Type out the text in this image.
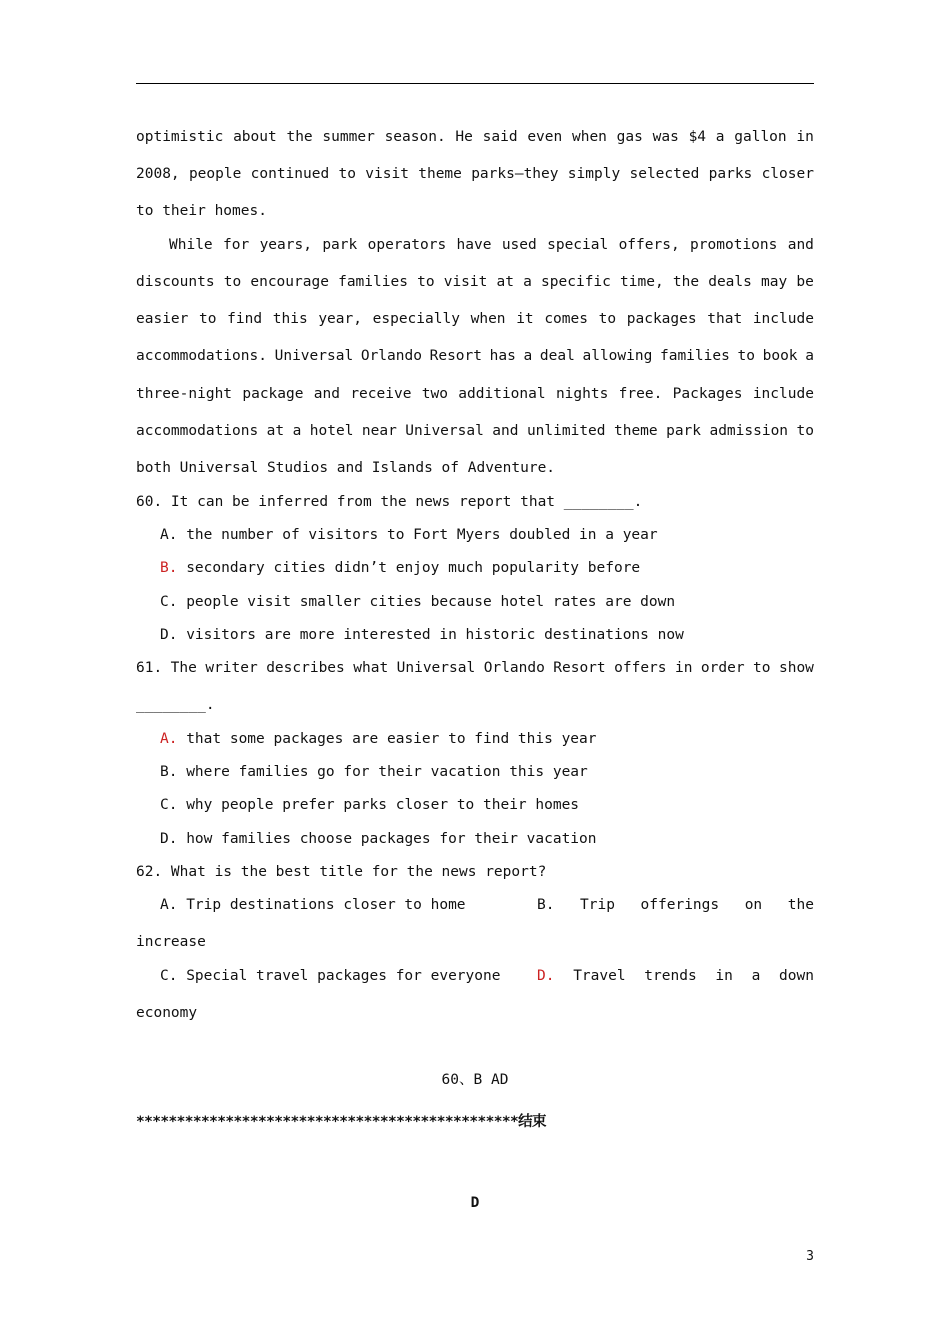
optimistic about the summer season. He said even when gas was $4 a gallon in
2008, people continued to visit theme parks—they simply selected parks closer
to their homes.
While for years, park operators have used special offers, promotions and
discounts to encourage families to visit at a specific time, the deals may be
easier to find this year, especially when it comes to packages that include
accommodations. Universal Orlando Resort has a deal allowing families to book a
three-night package and receive two additional nights free. Packages include
accommodations at a hotel near Universal and unlimited theme park admission to
both Universal Studios and Islands of Adventure.
60. It can be inferred from the news report that ________.
A. the number of visitors to Fort Myers doubled in a year
B. secondary cities didn’t enjoy much popularity before
C. people visit smaller cities because hotel rates are down
D. visitors are more interested in historic destinations now
61. The writer describes what Universal Orlando Resort offers in order to show
________.
A. that some packages are easier to find this year
B. where families go for their vacation this year
C. why people prefer parks closer to their homes
D. how families choose packages for their vacation
62. What is the best title for the news report?
A. Trip destinations closer to home	B. Trip offerings on the
increase
C. Special travel packages for everyone	D. Travel trends in a down
economy
60、B AD
***********************************************结束
D
3
